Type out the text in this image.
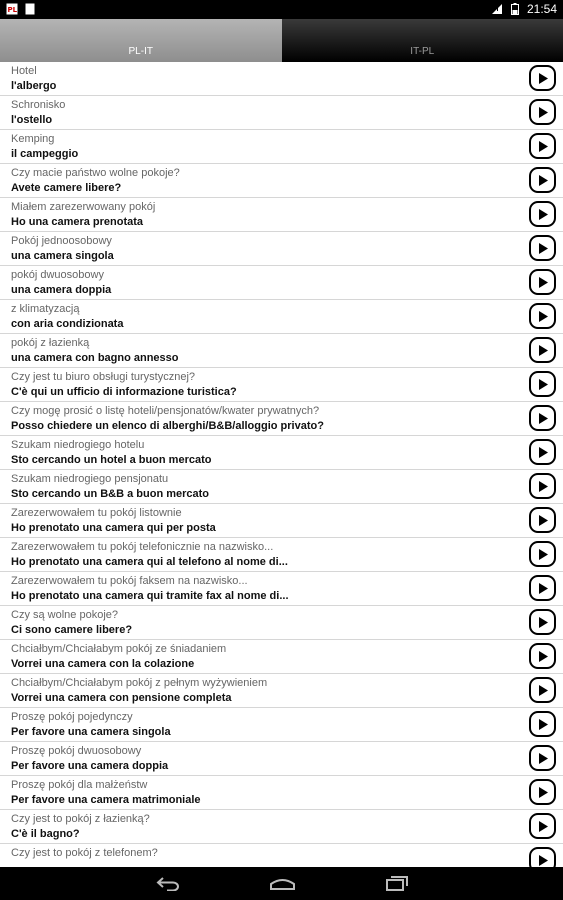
PL	21:54
PL-IT	IT-PL
Hotel
l'albergo
Schronisko
l'ostello
Kemping
il campeggio
Czy macie państwo wolne pokoje?
Avete camere libere?
Miałem zarezerwowany pokój
Ho una camera prenotata
Pokój jednoosobowy
una camera singola
pokój dwuosobowy
una camera doppia
z klimatyzacją
con aria condizionata
pokój z łazienką
una camera con bagno annesso
Czy jest tu biuro obsługi turystycznej?
C'è qui un ufficio di informazione turistica?
Czy mogę prosić o listę hoteli/pensjonatów/kwater prywatnych?
Posso chiedere un elenco di alberghi/B&B/alloggio privato?
Szukam niedrogiego hotelu
Sto cercando un hotel a buon mercato
Szukam niedrogiego pensjonatu
Sto cercando un B&B a buon mercato
Zarezerwowałem tu pokój listownie
Ho prenotato una camera qui per posta
Zarezerwowałem tu pokój telefonicznie na nazwisko...
Ho prenotato una camera qui al telefono al nome di...
Zarezerwowałem tu pokój faksem na nazwisko...
Ho prenotato una camera qui tramite fax al nome di...
Czy są wolne pokoje?
Ci sono camere libere?
Chciałbym/Chciałabym pokój ze śniadaniem
Vorrei una camera con la colazione
Chciałbym/Chciałabym pokój z pełnym wyżywieniem
Vorrei una camera con pensione completa
Proszę pokój pojedynczy
Per favore una camera singola
Proszę pokój dwuosobowy
Per favore una camera doppia
Proszę pokój dla małżeństw
Per favore una camera matrimoniale
Czy jest to pokój z łazienką?
C'è il bagno?
Czy jest to pokój z telefonem?
